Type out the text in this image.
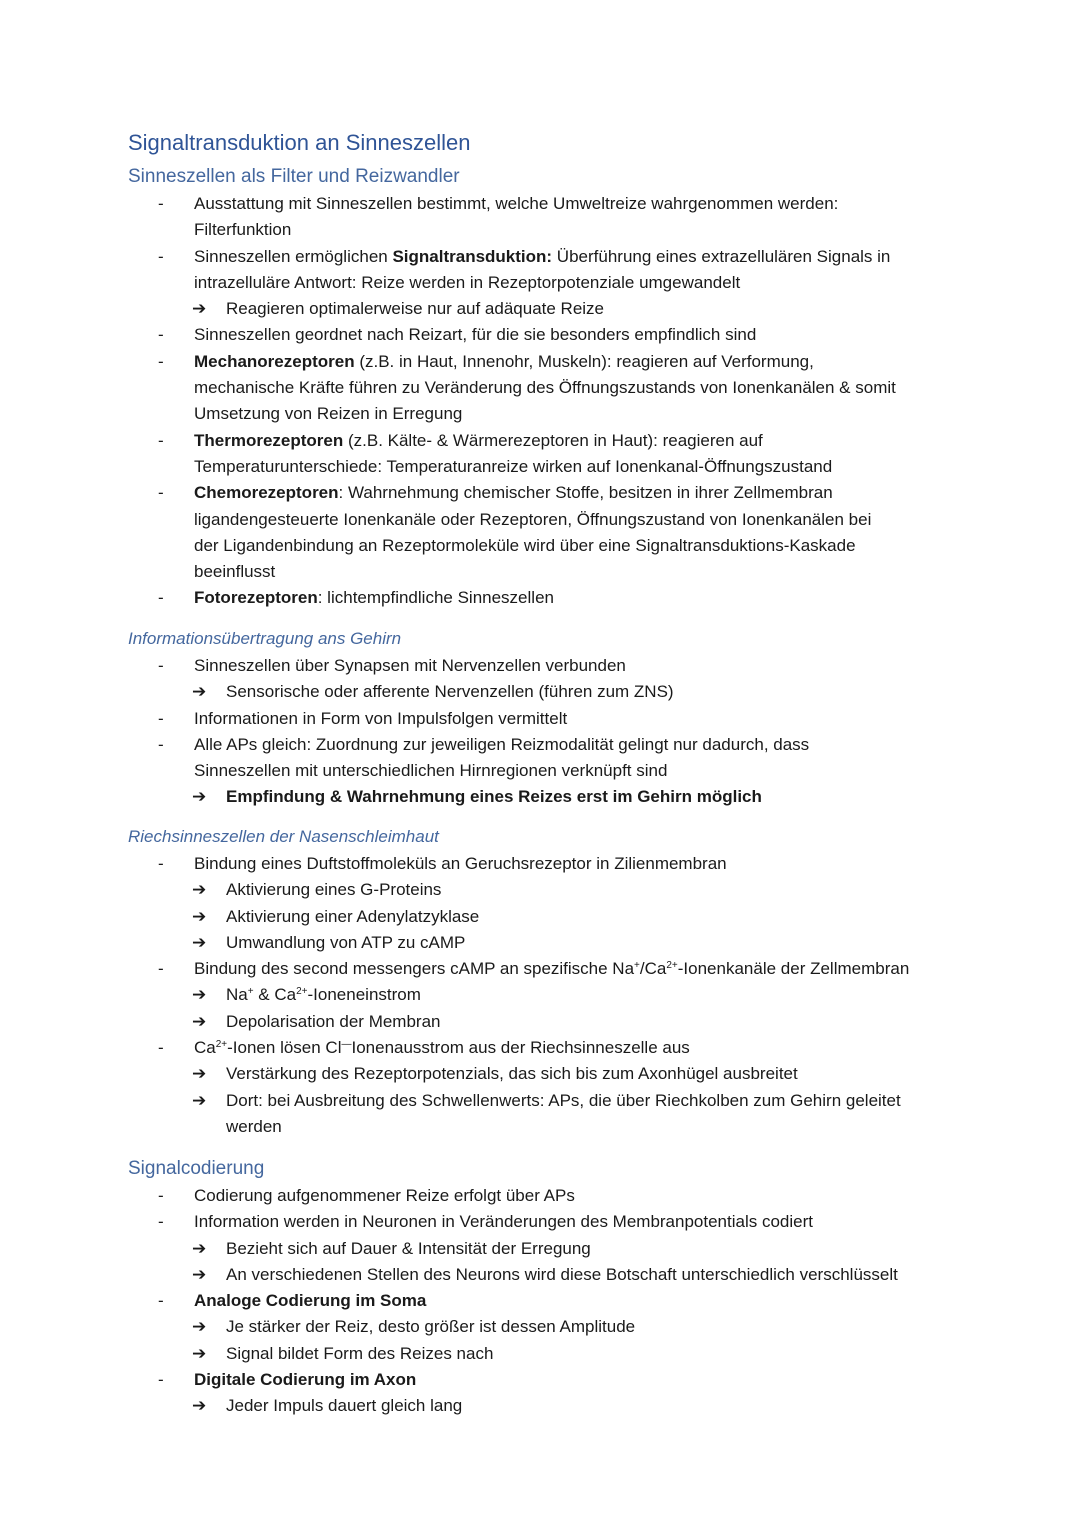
Signaltransduktion an Sinneszellen
Sinneszellen als Filter und Reizwandler
- Ausstattung mit Sinneszellen bestimmt, welche Umweltreize wahrgenommen werden:
Filterfunktion
- Sinneszellen ermöglichen Signaltransduktion: Überführung eines extrazellulären Signals in
intrazelluläre Antwort: Reize werden in Rezeptorpotenziale umgewandelt
➔ Reagieren optimalerweise nur auf adäquate Reize
- Sinneszellen geordnet nach Reizart, für die sie besonders empfindlich sind
- Mechanorezeptoren (z.B. in Haut, Innenohr, Muskeln): reagieren auf Verformung,
mechanische Kräfte führen zu Veränderung des Öffnungszustands von Ionenkanälen & somit
Umsetzung von Reizen in Erregung
- Thermorezeptoren (z.B. Kälte- & Wärmerezeptoren in Haut): reagieren auf
Temperaturunterschiede: Temperaturanreize wirken auf Ionenkanal-Öffnungszustand
- Chemorezeptoren: Wahrnehmung chemischer Stoffe, besitzen in ihrer Zellmembran
ligandengesteuerte Ionenkanäle oder Rezeptoren, Öffnungszustand von Ionenkanälen bei
der Ligandenbindung an Rezeptormoleküle wird über eine Signaltransduktions-Kaskade
beeinflusst
- Fotorezeptoren: lichtempfindliche Sinneszellen
Informationsübertragung ans Gehirn
- Sinneszellen über Synapsen mit Nervenzellen verbunden
➔ Sensorische oder afferente Nervenzellen (führen zum ZNS)
- Informationen in Form von Impulsfolgen vermittelt
- Alle APs gleich: Zuordnung zur jeweiligen Reizmodalität gelingt nur dadurch, dass
Sinneszellen mit unterschiedlichen Hirnregionen verknüpft sind
➔ Empfindung & Wahrnehmung eines Reizes erst im Gehirn möglich
Riechsinneszellen der Nasenschleimhaut
- Bindung eines Duftstoffmoleküls an Geruchsrezeptor in Zilienmembran
➔ Aktivierung eines G-Proteins
➔ Aktivierung einer Adenylatzyklase
➔ Umwandlung von ATP zu cAMP
- Bindung des second messengers cAMP an spezifische $Na^+/Ca^{2+}$-Ionenkanäle der Zellmembran
➔ Na+ & $Ca^{2+}$-Ioneneinstrom
➔ Depolarisation der Membran
- $Ca^{2+}$-Ionen lösen Cl—Ionenausstrom aus der Riechsinneszelle aus
➔ Verstärkung des Rezeptorpotenzials, das sich bis zum Axonhügel ausbreitet
➔ Dort: bei Ausbreitung des Schwellenwerts: APs, die über Riechkolben zum Gehirn geleitet
werden
Signalcodierung
- Codierung aufgenommener Reize erfolgt über APs
- Information werden in Neuronen in Veränderungen des Membranpotentials codiert
➔ Bezieht sich auf Dauer & Intensität der Erregung
➔ An verschiedenen Stellen des Neurons wird diese Botschaft unterschiedlich verschlüsselt
- Analoge Codierung im Soma
➔ Je stärker der Reiz, desto größer ist dessen Amplitude
➔ Signal bildet Form des Reizes nach
- Digitale Codierung im Axon
➔ Jeder Impuls dauert gleich lang
